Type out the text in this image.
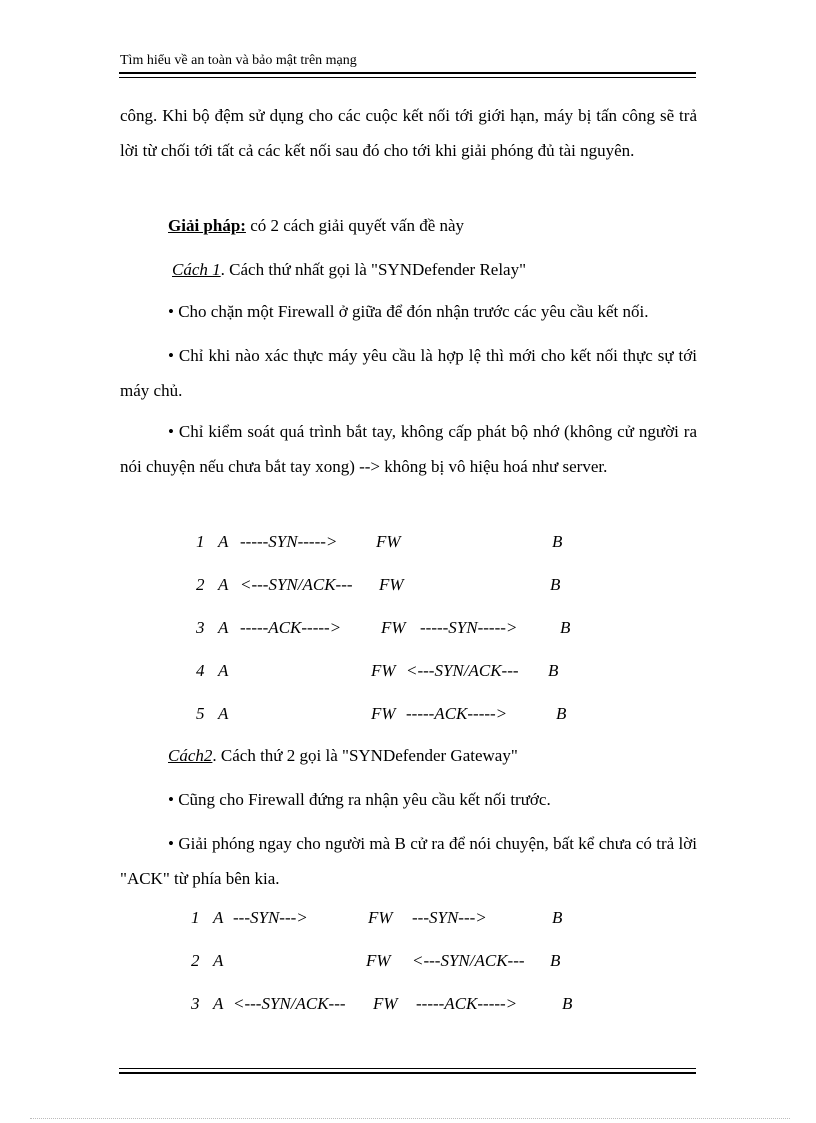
Tìm hiểu về an toàn và bảo mật trên mạng

công. Khi bộ đệm sử dụng cho các cuộc kết nối tới giới hạn, máy bị tấn công sẽ trả lời từ chối tới tất cả các kết nối sau đó cho tới khi giải phóng đủ tài nguyên.

Giải pháp: có 2 cách giải quyết vấn đề này
Cách 1. Cách thứ nhất gọi là "SYNDefender Relay"

• Cho chặn một Firewall ở giữa để đón nhận trước các yêu cầu kết nối.

• Chỉ khi nào xác thực máy yêu cầu là hợp lệ thì mới cho kết nối thực sự tới máy chủ.

• Chỉ kiểm soát quá trình bắt tay, không cấp phát bộ nhớ (không cử người ra nói chuyện nếu chưa bắt tay xong) --> không bị vô hiệu hoá như server.

1 A -----SYN-----> FW	B
2 A <---SYN/ACK--- FW	B
3 A -----ACK-----> FW -----SYN----->	B
4 A	FW <---SYN/ACK--- B
5 A	FW -----ACK----->	B
Cách2. Cách thứ 2 gọi là "SYNDefender Gateway"

• Cũng cho Firewall đứng ra nhận yêu cầu kết nối trước.

• Giải phóng ngay cho người mà B cử ra để nói chuyện, bất kể chưa có trả lời "ACK" từ phía bên kia.

1 A ---SYN--->	FW ---SYN--->	B
2 A	FW <---SYN/ACK--- B
3 A <---SYN/ACK--- FW -----ACK----->	B
